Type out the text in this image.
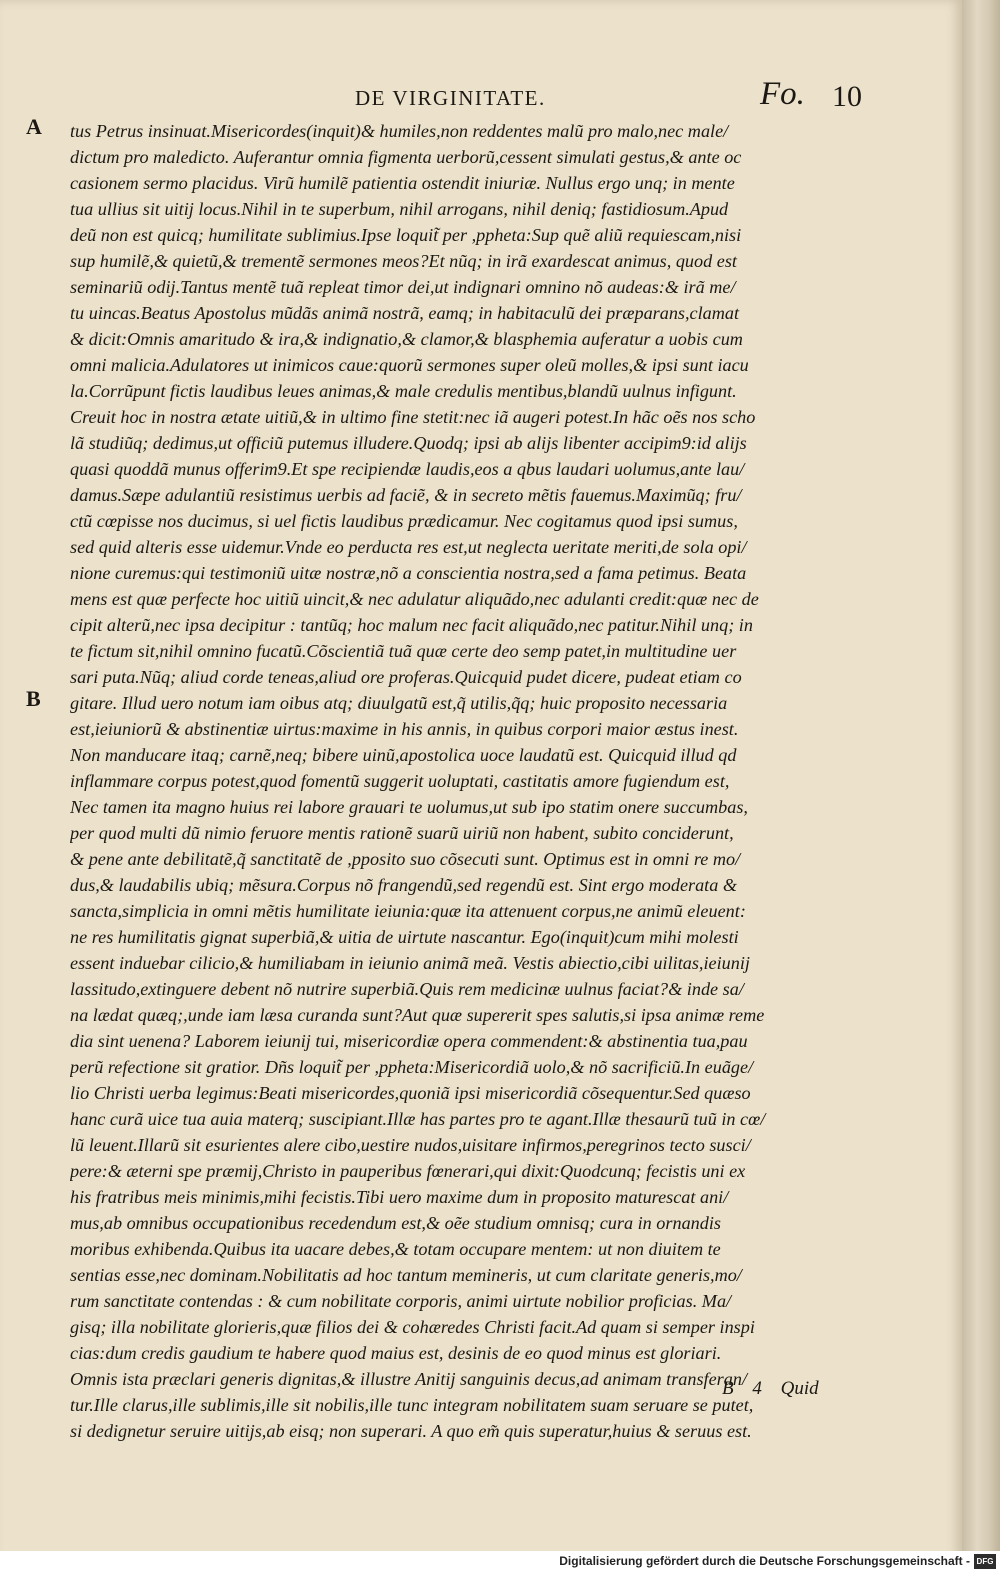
DE VIRGINITATE.	Fo. 10
A
B
tus Petrus insinuat.Misericordes(inquit)& humiles,non reddentes malũ pro malo,nec male/
dictum pro maledicto. Auferantur omnia figmenta uerborũ,cessent simulati gestus,& ante oc
casionem sermo placidus. Virũ humilẽ patientia ostendit iniuriæ. Nullus ergo unq; in mente
tua ullius sit uitij locus.Nihil in te superbum, nihil arrogans, nihil deniq; fastidiosum.Apud
deũ non est quicq; humilitate sublimius.Ipse loquit̃ per ,ppheta:Sup quẽ aliũ requiescam,nisi
sup humilẽ,& quietũ,& trementẽ sermones meos?Et nũq; in irã exardescat animus, quod est
seminariũ odij.Tantus mentẽ tuã repleat timor dei,ut indignari omnino nõ audeas:& irã me/
tu uincas.Beatus Apostolus mũdãs animã nostrã, eamq; in habitaculũ dei præparans,clamat
& dicit:Omnis amaritudo & ira,& indignatio,& clamor,& blasphemia auferatur a uobis cum
omni malicia.Adulatores ut inimicos caue:quorũ sermones super oleũ molles,& ipsi sunt iacu
la.Corrũpunt fictis laudibus leues animas,& male credulis mentibus,blandũ uulnus infigunt.
Creuit hoc in nostra ætate uitiũ,& in ultimo fine stetit:nec iã augeri potest.In hãc oẽs nos scho
lã studiũq; dedimus,ut officiũ putemus illudere.Quodq; ipsi ab alijs libenter accipim9:id alijs
quasi quoddã munus offerim9.Et spe recipiendæ laudis,eos a qbus laudari uolumus,ante lau/
damus.Sæpe adulantiũ resistimus uerbis ad faciẽ, & in secreto mẽtis fauemus.Maximũq; fru/
ctũ cœpisse nos ducimus, si uel fictis laudibus prædicamur. Nec cogitamus quod ipsi sumus,
sed quid alteris esse uidemur.Vnde eo perducta res est,ut neglecta ueritate meriti,de sola opi/
nione curemus:qui testimoniũ uitæ nostræ,nõ a conscientia nostra,sed a fama petimus. Beata
mens est quæ perfecte hoc uitiũ uincit,& nec adulatur aliquãdo,nec adulanti credit:quæ nec de
cipit alterũ,nec ipsa decipitur : tantũq; hoc malum nec facit aliquãdo,nec patitur.Nihil unq; in
te fictum sit,nihil omnino fucatũ.Cõscientiã tuã quæ certe deo semp patet,in multitudine uer
sari puta.Nũq; aliud corde teneas,aliud ore proferas.Quicquid pudet dicere, pudeat etiam co
gitare. Illud uero notum iam oibus atq; diuulgatũ est,q̃ utilis,q̃q; huic proposito necessaria
est,ieiuniorũ & abstinentiæ uirtus:maxime in his annis, in quibus corpori maior æstus inest.
Non manducare itaq; carnẽ,neq; bibere uinũ,apostolica uoce laudatũ est. Quicquid illud qd
inflammare corpus potest,quod fomentũ suggerit uoluptati, castitatis amore fugiendum est,
Nec tamen ita magno huius rei labore grauari te uolumus,ut sub ipo statim onere succumbas,
per quod multi dũ nimio feruore mentis rationẽ suarũ uiriũ non habent, subito conciderunt,
& pene ante debilitatẽ,q̃ sanctitatẽ de ,pposito suo cõsecuti sunt. Optimus est in omni re mo/
dus,& laudabilis ubiq; mẽsura.Corpus nõ frangendũ,sed regendũ est. Sint ergo moderata &
sancta,simplicia in omni mẽtis humilitate ieiunia:quæ ita attenuent corpus,ne animũ eleuent:
ne res humilitatis gignat superbiã,& uitia de uirtute nascantur. Ego(inquit)cum mihi molesti
essent induebar cilicio,& humiliabam in ieiunio animã meã. Vestis abiectio,cibi uilitas,ieiunij
lassitudo,extinguere debent nõ nutrire superbiã.Quis rem medicinæ uulnus faciat?& inde sa/
na lædat quæq;,unde iam læsa curanda sunt?Aut quæ supererit spes salutis,si ipsa animæ reme
dia sint uenena? Laborem ieiunij tui, misericordiæ opera commendent:& abstinentia tua,pau
perũ refectione sit gratior. Dñs loquit̃ per ,ppheta:Misericordiã uolo,& nõ sacrificiũ.In euãge/
lio Christi uerba legimus:Beati misericordes,quoniã ipsi misericordiã cõsequentur.Sed quæso
hanc curã uice tua auia materq; suscipiant.Illæ has partes pro te agant.Illæ thesaurũ tuũ in cœ/
lũ leuent.Illarũ sit esurientes alere cibo,uestire nudos,uisitare infirmos,peregrinos tecto susci/
pere:& æterni spe præmij,Christo in pauperibus fœnerari,qui dixit:Quodcunq; fecistis uni ex
his fratribus meis minimis,mihi fecistis.Tibi uero maxime dum in proposito maturescat ani/
mus,ab omnibus occupationibus recedendum est,& oẽe studium omnisq; cura in ornandis
moribus exhibenda.Quibus ita uacare debes,& totam occupare mentem: ut non diuitem te
sentias esse,nec dominam.Nobilitatis ad hoc tantum memineris, ut cum claritate generis,mo/
rum sanctitate contendas : & cum nobilitate corporis, animi uirtute nobilior proficias. Ma/
gisq; illa nobilitate glorieris,quæ filios dei & cohæredes Christi facit.Ad quam si semper inspi
cias:dum credis gaudium te habere quod maius est, desinis de eo quod minus est gloriari.
Omnis ista præclari generis dignitas,& illustre Anitij sanguinis decus,ad animam transferan/
tur.Ille clarus,ille sublimis,ille sit nobilis,ille tunc integram nobilitatem suam seruare se putet,
si dedignetur seruire uitijs,ab eisq; non superari. A quo em̃ quis superatur,huius & seruus est.
B 4 Quid
Digitalisierung gefördert durch die Deutsche Forschungsgemeinschaft - DFG
